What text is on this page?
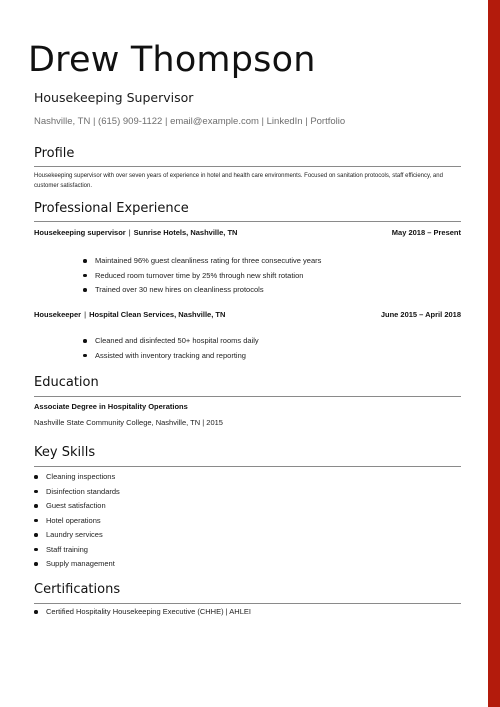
Drew Thompson
Housekeeping Supervisor
Nashville, TN | (615) 909-1122 | email@example.com | LinkedIn | Portfolio
Profile
Housekeeping supervisor with over seven years of experience in hotel and health care environments. Focused on sanitation protocols, staff efficiency, and customer satisfaction.
Professional Experience
Housekeeping supervisor | Sunrise Hotels, Nashville, TN	May 2018 – Present
Maintained 96% guest cleanliness rating for three consecutive years
Reduced room turnover time by 25% through new shift rotation
Trained over 30 new hires on cleanliness protocols
Housekeeper | Hospital Clean Services, Nashville, TN	June 2015 – April 2018
Cleaned and disinfected 50+ hospital rooms daily
Assisted with inventory tracking and reporting
Education
Associate Degree in Hospitality Operations
Nashville State Community College, Nashville, TN | 2015
Key Skills
Cleaning inspections
Disinfection standards
Guest satisfaction
Hotel operations
Laundry services
Staff training
Supply management
Certifications
Certified Hospitality Housekeeping Executive (CHHE) | AHLEI
